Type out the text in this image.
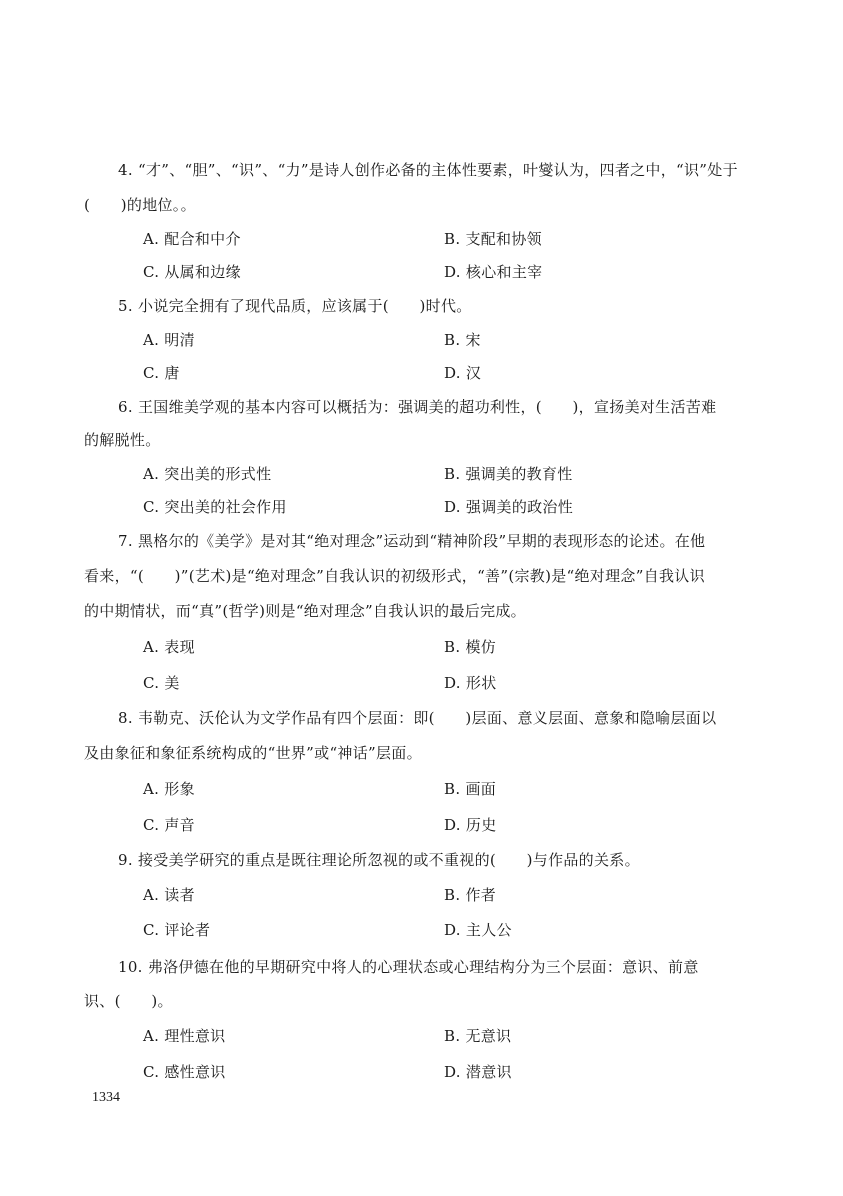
4. “才”、“胆”、“识”、“力”是诗人创作必备的主体性要素，叶燮认为，四者之中，“识”处于
(　　)的地位。。
A. 配合和中介	B. 支配和协领
C. 从属和边缘	D. 核心和主宰
5. 小说完全拥有了现代品质，应该属于(　　)时代。
A. 明清	B. 宋
C. 唐	D. 汉
6. 王国维美学观的基本内容可以概括为：强调美的超功利性，(　　)，宣扬美对生活苦难
的解脱性。
A. 突出美的形式性	B. 强调美的教育性
C. 突出美的社会作用	D. 强调美的政治性
7. 黑格尔的《美学》是对其“绝对理念”运动到“精神阶段”早期的表现形态的论述。在他
看来，“(　　)”(艺术)是“绝对理念”自我认识的初级形式，“善”(宗教)是“绝对理念”自我认识
的中期情状，而“真”(哲学)则是“绝对理念”自我认识的最后完成。
A. 表现	B. 模仿
C. 美	D. 形状
8. 韦勒克、沃伦认为文学作品有四个层面：即(　　)层面、意义层面、意象和隐喻层面以
及由象征和象征系统构成的“世界”或“神话”层面。
A. 形象	B. 画面
C. 声音	D. 历史
9. 接受美学研究的重点是既往理论所忽视的或不重视的(　　)与作品的关系。
A. 读者	B. 作者
C. 评论者	D. 主人公
10. 弗洛伊德在他的早期研究中将人的心理状态或心理结构分为三个层面：意识、前意
识、(　　)。
A. 理性意识	B. 无意识
C. 感性意识	D. 潜意识
1334
